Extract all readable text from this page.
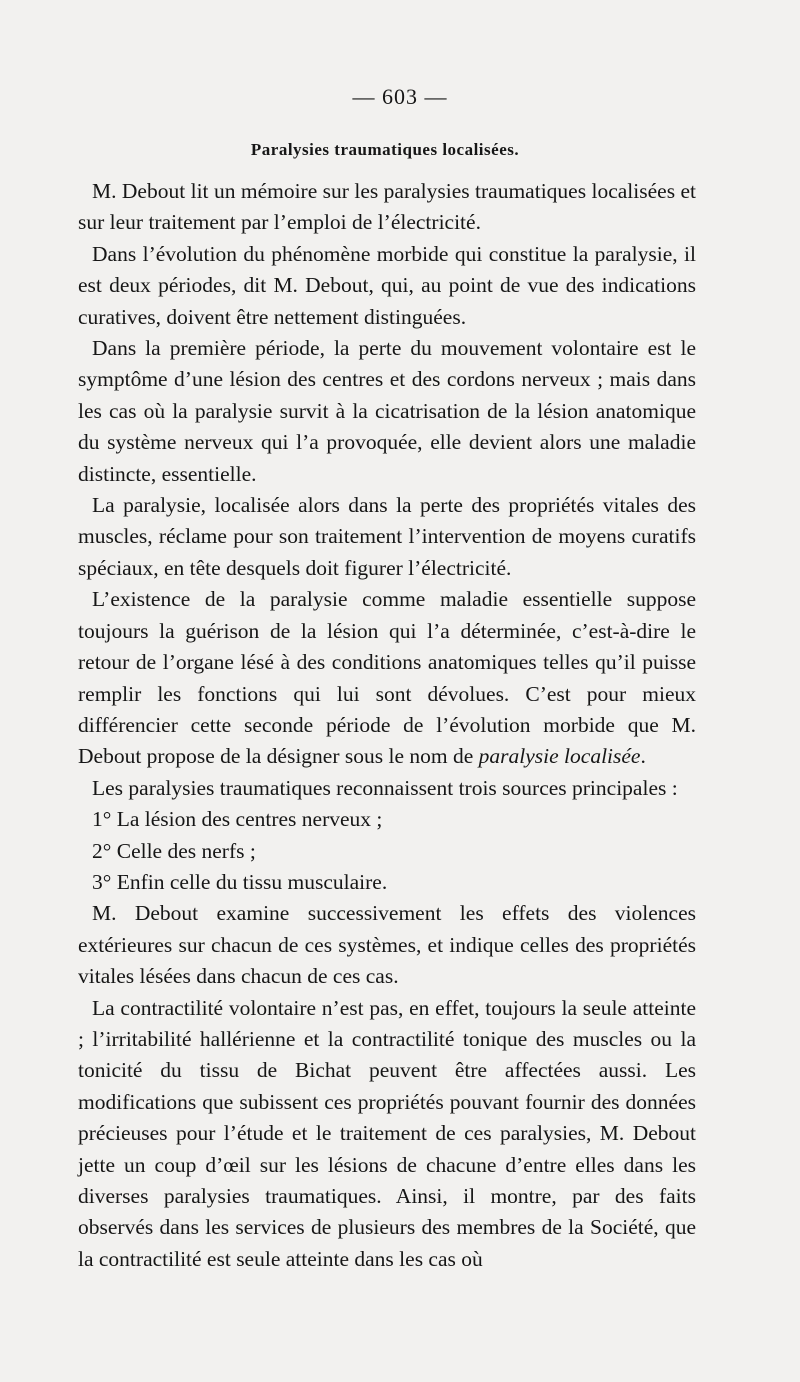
— 603 —
Paralysies traumatiques localisées.

M. Debout lit un mémoire sur les paralysies traumatiques localisées et sur leur traitement par l’emploi de l’électricité.

Dans l’évolution du phénomène morbide qui constitue la paralysie, il est deux périodes, dit M. Debout, qui, au point de vue des indications curatives, doivent être nettement distinguées.

Dans la première période, la perte du mouvement volontaire est le symptôme d’une lésion des centres et des cordons nerveux ; mais dans les cas où la paralysie survit à la cicatrisation de la lésion anatomique du système nerveux qui l’a provoquée, elle devient alors une maladie distincte, essentielle.

La paralysie, localisée alors dans la perte des propriétés vitales des muscles, réclame pour son traitement l’intervention de moyens curatifs spéciaux, en tête desquels doit figurer l’électricité.

L’existence de la paralysie comme maladie essentielle suppose toujours la guérison de la lésion qui l’a déterminée, c’est-à-dire le retour de l’organe lésé à des conditions anatomiques telles qu’il puisse remplir les fonctions qui lui sont dévolues. C’est pour mieux différencier cette seconde période de l’évolution morbide que M. Debout propose de la désigner sous le nom de paralysie localisée.

Les paralysies traumatiques reconnaissent trois sources principales :

1° La lésion des centres nerveux ;

2° Celle des nerfs ;

3° Enfin celle du tissu musculaire.

M. Debout examine successivement les effets des violences extérieures sur chacun de ces systèmes, et indique celles des propriétés vitales lésées dans chacun de ces cas.

La contractilité volontaire n’est pas, en effet, toujours la seule atteinte ; l’irritabilité hallérienne et la contractilité tonique des muscles ou la tonicité du tissu de Bichat peuvent être affectées aussi. Les modifications que subissent ces propriétés pouvant fournir des données précieuses pour l’étude et le traitement de ces paralysies, M. Debout jette un coup d’œil sur les lésions de chacune d’entre elles dans les diverses paralysies traumatiques. Ainsi, il montre, par des faits observés dans les services de plusieurs des membres de la Société, que la contractilité est seule atteinte dans les cas où
